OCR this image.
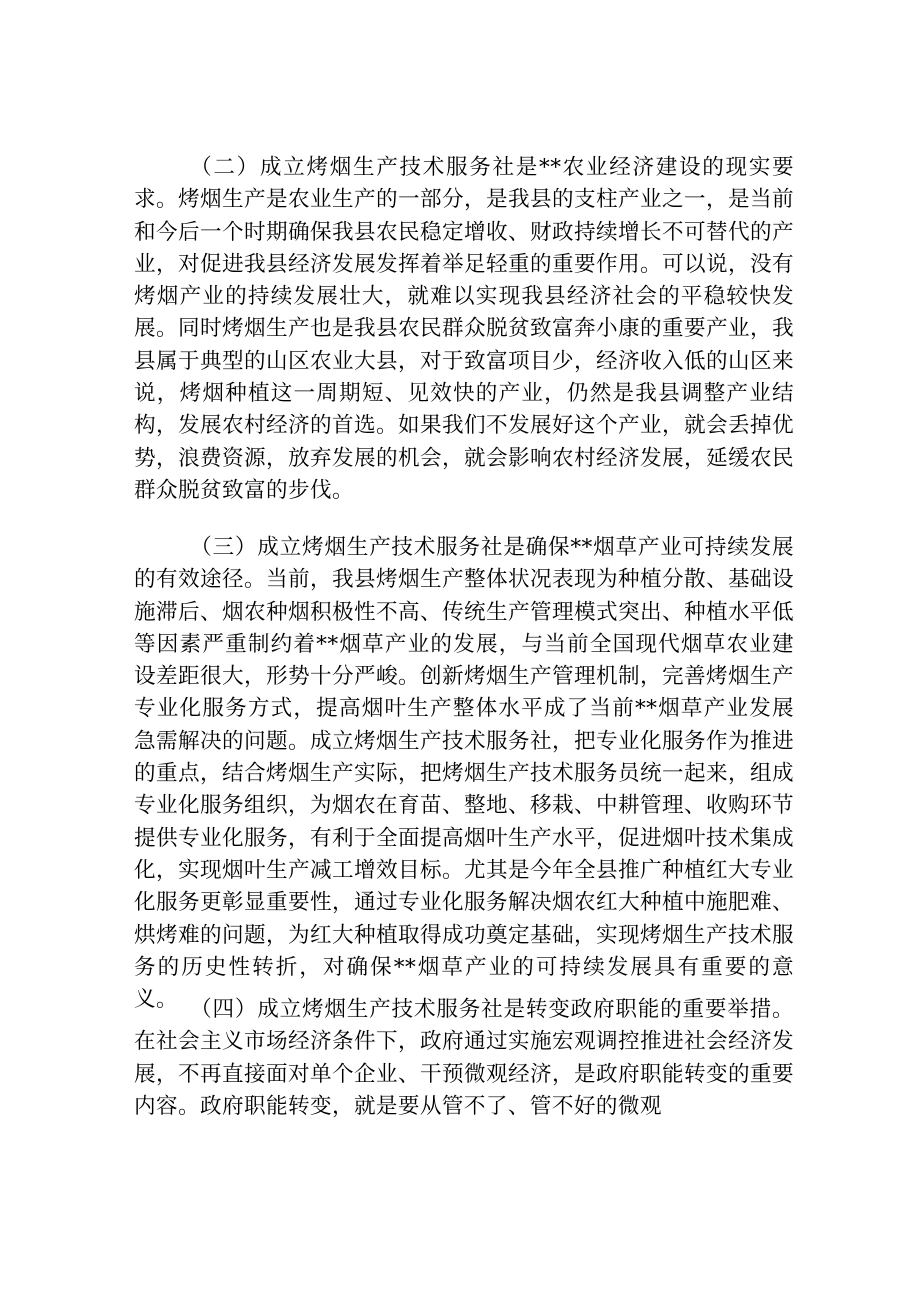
（二）成立烤烟生产技术服务社是**农业经济建设的现实要求。烤烟生产是农业生产的一部分，是我县的支柱产业之一，是当前和今后一个时期确保我县农民稳定增收、财政持续增长不可替代的产业，对促进我县经济发展发挥着举足轻重的重要作用。可以说，没有烤烟产业的持续发展壮大，就难以实现我县经济社会的平稳较快发展。同时烤烟生产也是我县农民群众脱贫致富奔小康的重要产业，我县属于典型的山区农业大县，对于致富项目少，经济收入低的山区来说，烤烟种植这一周期短、见效快的产业，仍然是我县调整产业结构，发展农村经济的首选。如果我们不发展好这个产业，就会丢掉优势，浪费资源，放弃发展的机会，就会影响农村经济发展，延缓农民群众脱贫致富的步伐。

（三）成立烤烟生产技术服务社是确保**烟草产业可持续发展的有效途径。当前，我县烤烟生产整体状况表现为种植分散、基础设施滞后、烟农种烟积极性不高、传统生产管理模式突出、种植水平低等因素严重制约着**烟草产业的发展，与当前全国现代烟草农业建设差距很大，形势十分严峻。创新烤烟生产管理机制，完善烤烟生产专业化服务方式，提高烟叶生产整体水平成了当前**烟草产业发展急需解决的问题。成立烤烟生产技术服务社，把专业化服务作为推进的重点，结合烤烟生产实际，把烤烟生产技术服务员统一起来，组成专业化服务组织，为烟农在育苗、整地、移栽、中耕管理、收购环节提供专业化服务，有利于全面提高烟叶生产水平，促进烟叶技术集成化，实现烟叶生产减工增效目标。尤其是今年全县推广种植红大专业化服务更彰显重要性，通过专业化服务解决烟农红大种植中施肥难、烘烤难的问题，为红大种植取得成功奠定基础，实现烤烟生产技术服务的历史性转折，对确保**烟草产业的可持续发展具有重要的意义。 （四）成立烤烟生产技术服务社是转变政府职能的重要举措。在社会主义市场经济条件下，政府通过实施宏观调控推进社会经济发展，不再直接面对单个企业、干预微观经济，是政府职能转变的重要内容。政府职能转变，就是要从管不了、管不好的微观
